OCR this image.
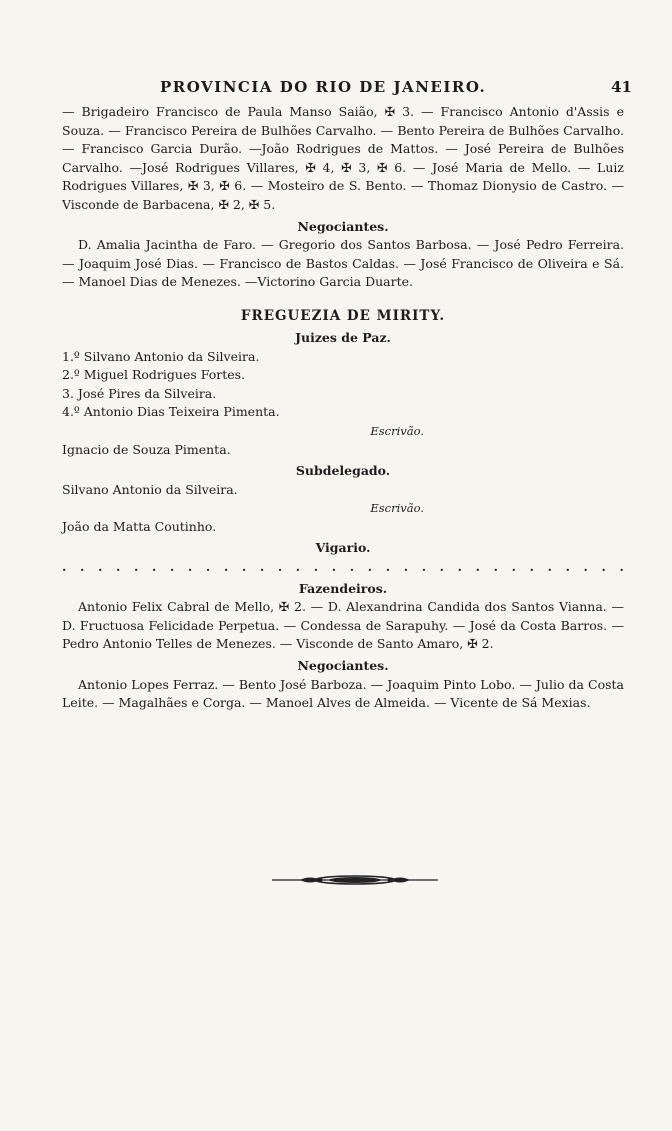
PROVINCIA DO RIO DE JANEIRO.	41

— Brigadeiro Francisco de Paula Manso Saião, ✠ 3. — Francisco Antonio d'Assis e Souza. — Francisco Pereira de Bulhões Carvalho. — Bento Pereira de Bulhões Carvalho. — Francisco Garcia Durão. —João Rodrigues de Mattos. — José Pereira de Bulhões Carvalho. —José Rodrigues Villares, ✠ 4, ✠ 3, ✠ 6. — José Maria de Mello. — Luiz Rodrigues Villares, ✠ 3, ✠ 6. — Mosteiro de S. Bento. — Thomaz Dionysio de Castro. —Visconde de Barbacena, ✠ 2, ✠ 5.

Negociantes.

D. Amalia Jacintha de Faro. — Gregorio dos Santos Barbosa. — José Pedro Ferreira. — Joaquim José Dias. — Francisco de Bastos Caldas. — José Francisco de Oliveira e Sá. — Manoel Dias de Menezes. —Victorino Garcia Duarte.

FREGUEZIA DE MIRITY.
Juizes de Paz.
1.º Silvano Antonio da Silveira.
2.º Miguel Rodrigues Fortes.
3. José Pires da Silveira.
4.º Antonio Dias Teixeira Pimenta.
Escrivão.

Ignacio de Souza Pimenta.

Subdelegado.

Silvano Antonio da Silveira.

Escrivão.

João da Matta Coutinho.

Vigario.
. . . . . . . . . . . . . . . . . . . . . . . . . . . . . . . .
Fazendeiros.

Antonio Felix Cabral de Mello, ✠ 2. — D. Alexandrina Candida dos Santos Vianna. — D. Fructuosa Felicidade Perpetua. — Condessa de Sarapuhy. — José da Costa Barros. — Pedro Antonio Telles de Menezes. — Visconde de Santo Amaro, ✠ 2.

Negociantes.

Antonio Lopes Ferraz. — Bento José Barboza. — Joaquim Pinto Lobo. — Julio da Costa Leite. — Magalhães e Corga. — Manoel Alves de Almeida. — Vicente de Sá Mexias.
